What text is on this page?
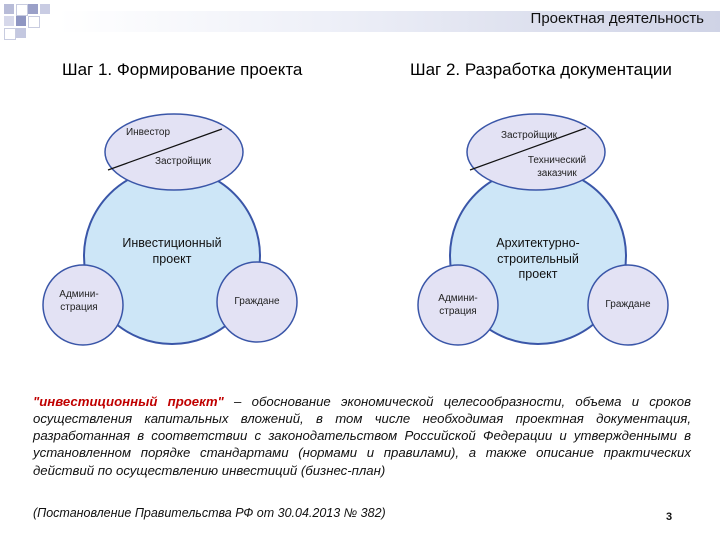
Проектная деятельность
Шаг 1. Формирование проекта	Шаг 2. Разработка документации
Инвестор
Застройщик
Инвестиционный проект
Админи-страция	Граждане
Застройщик
Технический заказчик
Архитектурно-строительный проект
Админи-страция
Граждане
"инвестиционный проект" – обоснование экономической целесообразности, объема и сроков осуществления капитальных вложений, в том числе необходимая проектная документация, разработанная в соответствии с законодательством Российской Федерации и утвержденными в установленном порядке стандартами (нормами и правилами), а также описание практических действий по осуществлению инвестиций (бизнес-план)
(Постановление Правительства РФ от 30.04.2013 № 382)	3
